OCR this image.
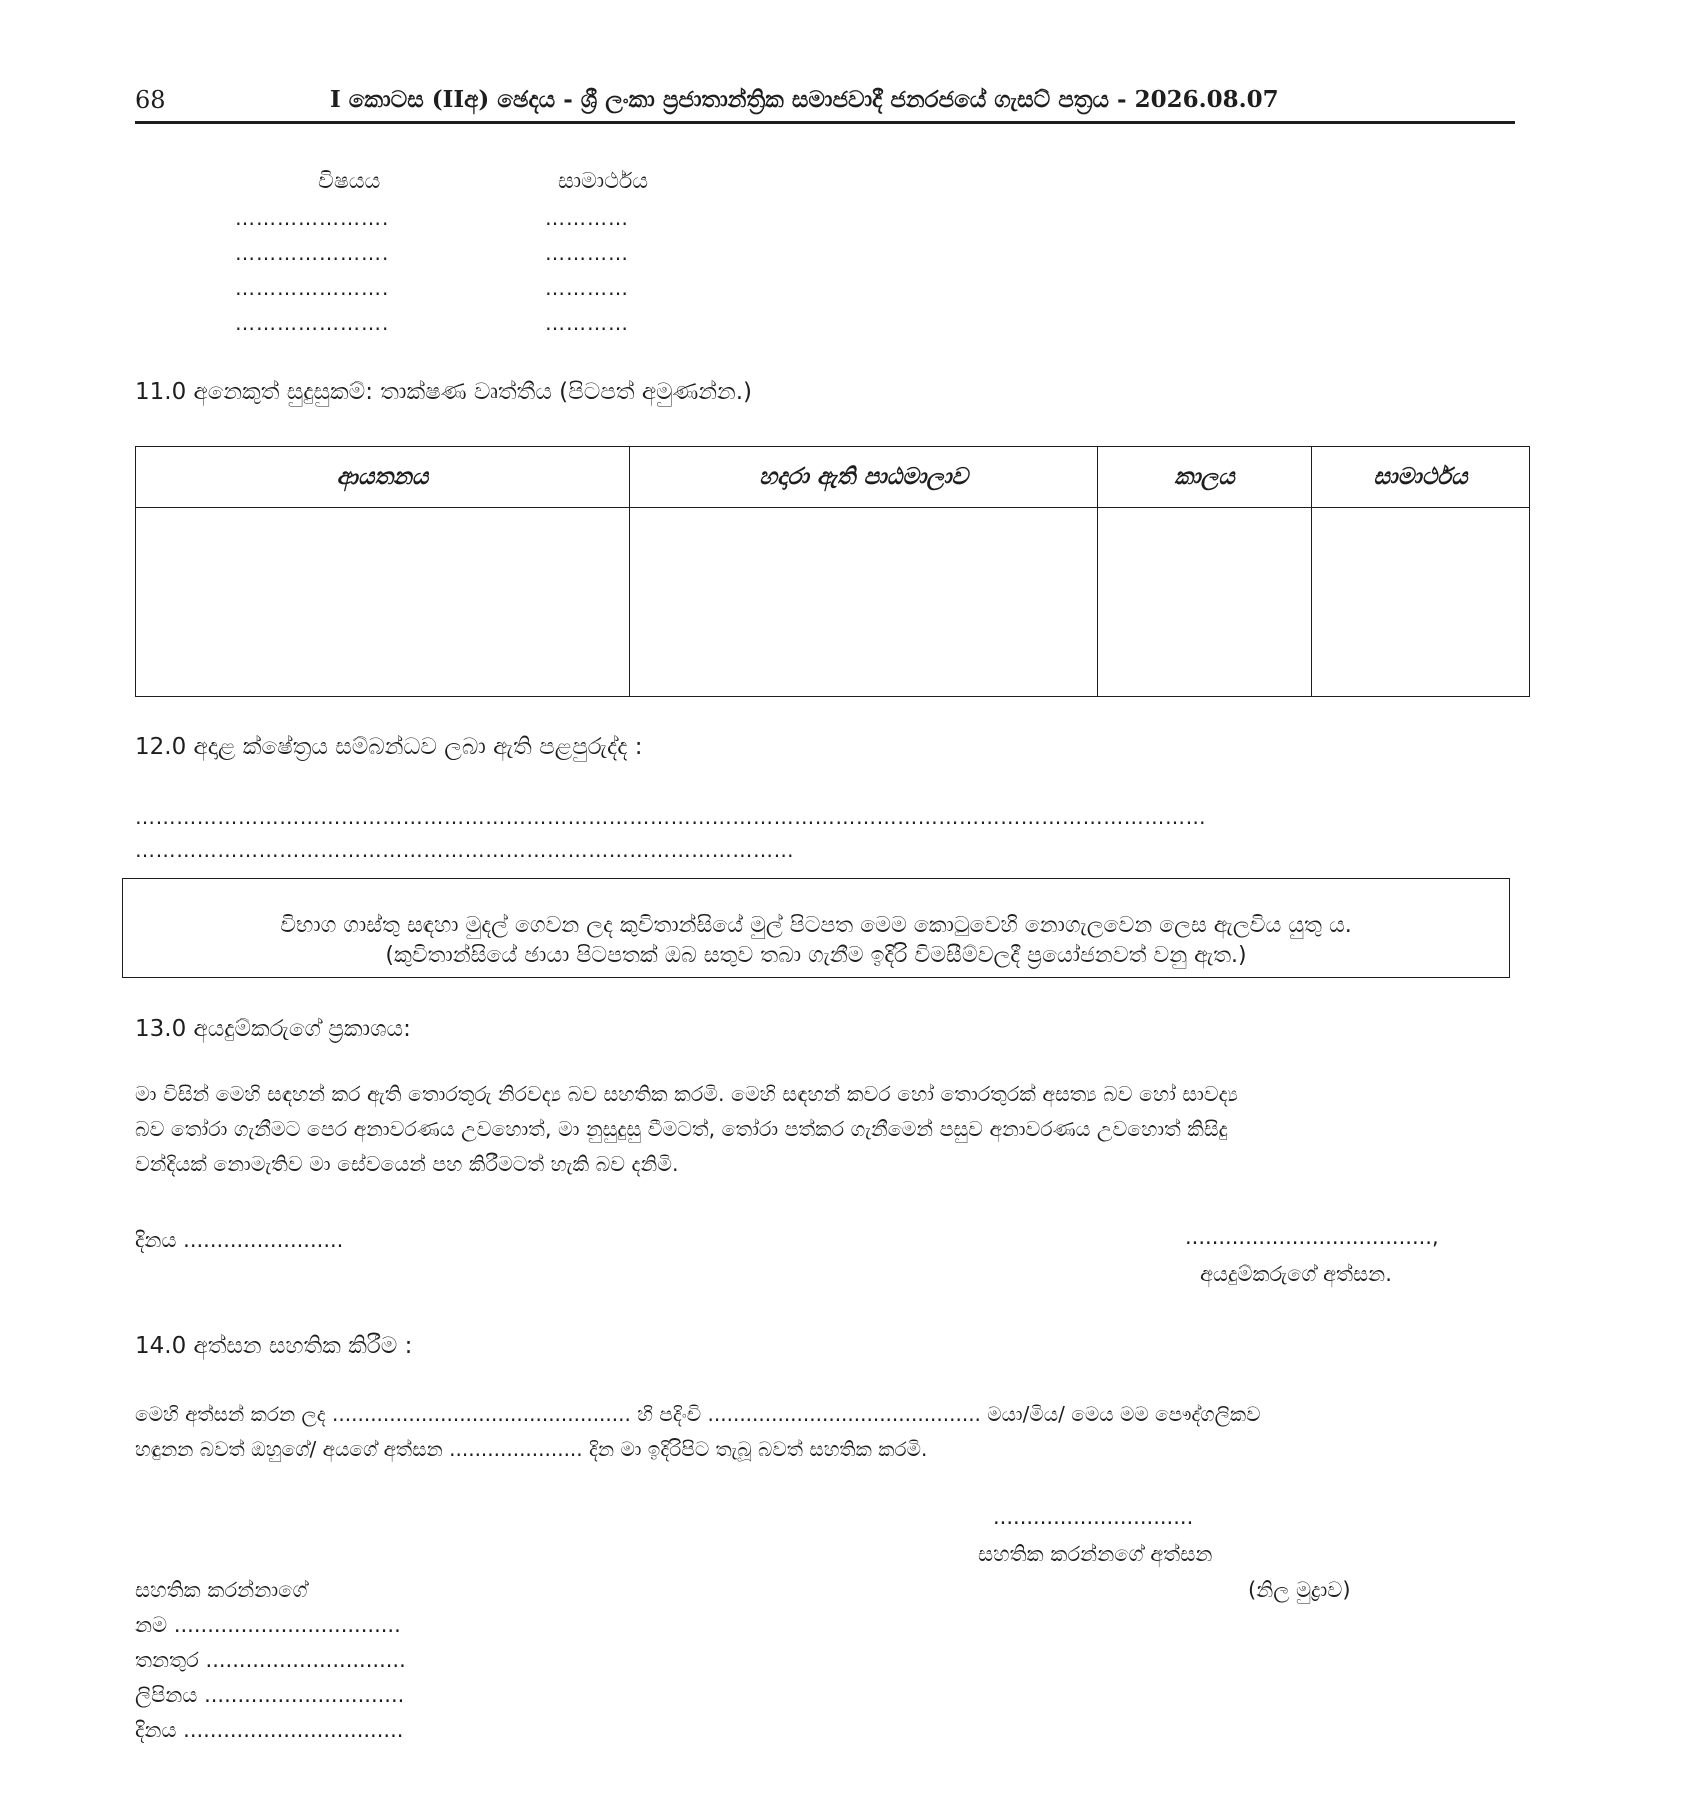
68	I කොටස (IIඅ) ඡෙදය - ශ්‍රී ලංකා ප්‍රජාතාන්ත්‍රික සමාජවාදී ජනරජයේ ගැසට් පත්‍රය - 2026.08.07
විෂයය	සාමාර්ථය
………………….	…………
………………….	…………
………………….	…………
………………….	…………
11.0 අනෙකුත් සුදුසුකම්: තාක්ෂණ වෘත්තීය (පිටපත් අමුණන්න.)
ආයතනය	හදාරා ඇති පාඨමාලාව	කාලය	සාමාර්ථය

12.0 අදාළ ක්ෂේත්‍රය සම්බන්ධව ලබා ඇති පළපුරුද්ද :
…………………………………………………………………………………………………………………………………………
……………………………………………………………………………………
විභාග ගාස්තු සඳහා මුදල් ගෙවන ලද කුවිතාන්සියේ මුල් පිටපත මෙම කොටුවෙහි නොගැලවෙන ලෙස ඇලවිය යුතු ය.
(කුවිතාන්සියේ ඡායා පිටපතක් ඔබ සතුව තබා ගැනීම ඉදිරි විමසීම්වලදී ප්‍රයෝජනවත් වනු ඇත.)
13.0 අයදුම්කරුගේ ප්‍රකාශය:
මා විසින් මෙහි සඳහන් කර ඇති තොරතුරු නිරවද්‍ය බව සහතික කරමි. මෙහි සඳහන් කවර හෝ තොරතුරක් අසත්‍ය බව හෝ සාවද්‍ය
බව තෝරා ගැනීමට පෙර අනාවරණය උවහොත්, මා නුසුදුසු වීමටත්, තෝරා පත්කර ගැනීමෙන් පසුව අනාවරණය උවහොත් කිසිදු
වන්දියක් නොමැතිව මා සේවයෙන් පහ කිරීමටත් හැකි බව දනිමි.
දිනය ........................	.....................................,
අයදුම්කරුගේ අත්සන.
14.0 අත්සන සහතික කිරීම :
මෙහි අත්සන් කරන ලද ............................................... හි පදිංචි ........................................... මයා/මිය/ මෙය මම පෞද්ගලිකව
හඳුනන බවත් ඔහුගේ/ අයගේ අත්සන ..................... දින මා ඉදිරිපිට තැබූ බවත් සහතික කරමි.
..............................
සහතික කරන්නගේ අත්සන
(නිල මුද්‍රාව)
සහතික කරන්නාගේ
නම ..................................
තනතුර ..............................
ලිපිනය ..............................
දිනය .................................
